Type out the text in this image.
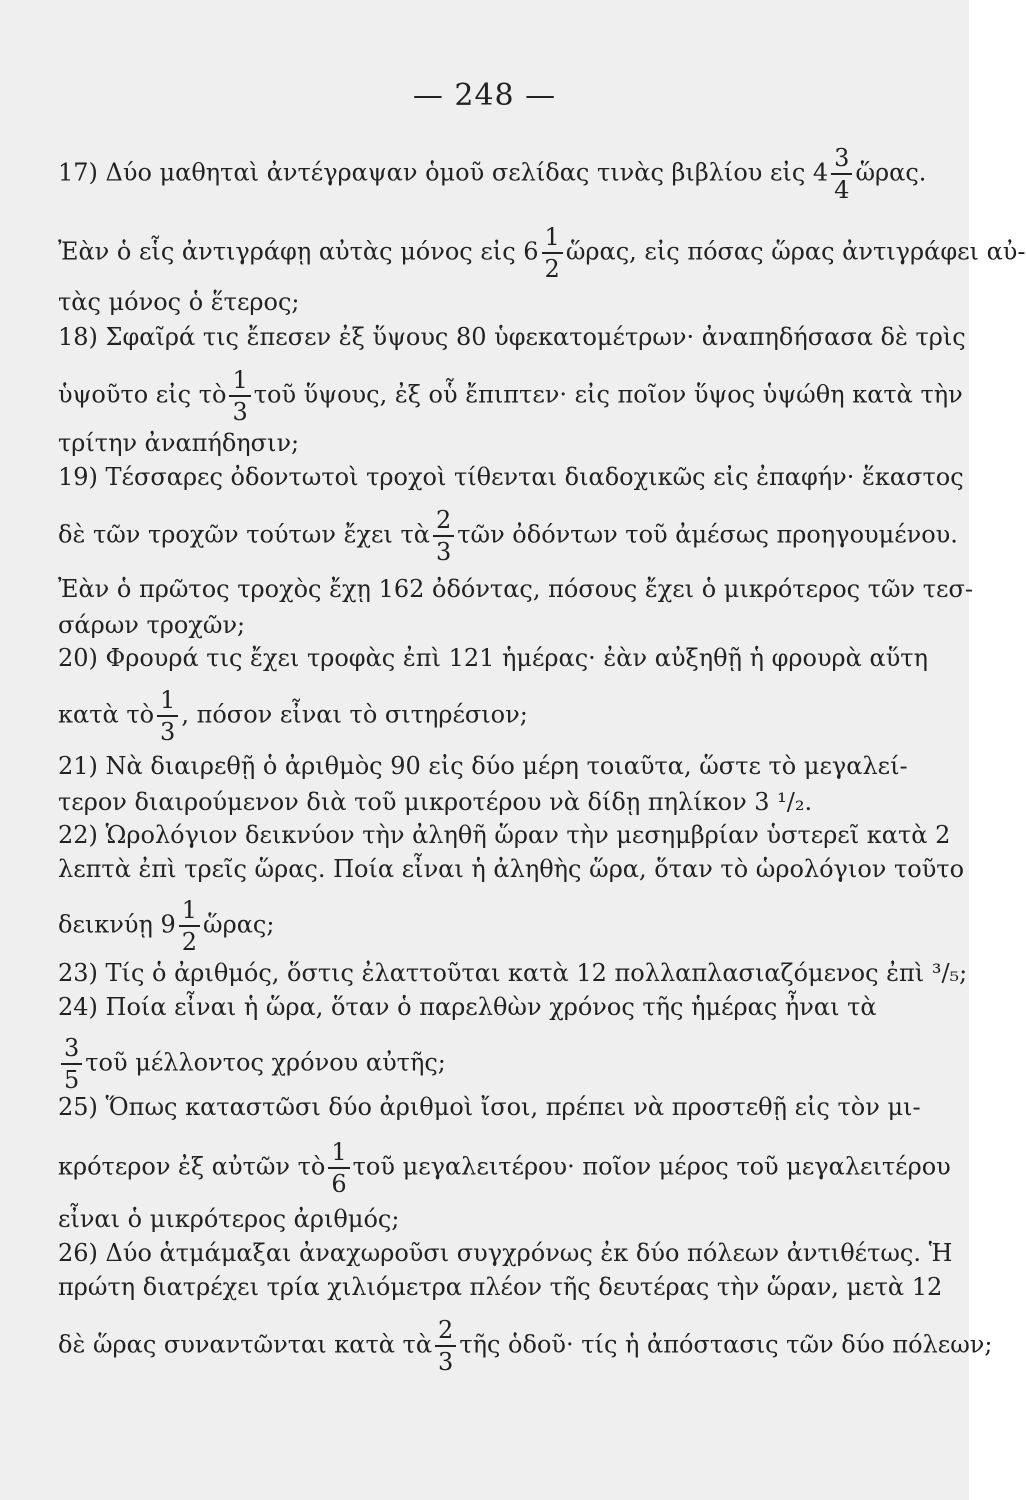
— 248 —
17) Δύο μαθηταὶ ἀντέγραψαν ὁμοῦ σελίδας τινὰς βιβλίου εἰς $4 \frac{3}{4}$ ὥρας.
Ἐὰν ὁ εἷς ἀντιγράφῃ αὐτὰς μόνος εἰς $6 \frac{1}{2}$ ὥρας, εἰς πόσας ὥρας ἀντιγράφει αὐ-
τὰς μόνος ὁ ἕτερος;
18) Σφαῖρά τις ἔπεσεν ἐξ ὕψους 80 ὑφεκατομέτρων· ἀναπηδήσασα δὲ τρὶς
ὑψοῦτο εἰς τὸ $\frac{1}{3}$ τοῦ ὕψους, ἐξ οὗ ἔπιπτεν· εἰς ποῖον ὕψος ὑψώθη κατὰ τὴν
τρίτην ἀναπήδησιν;
19) Τέσσαρες ὀδοντωτοὶ τροχοὶ τίθενται διαδοχικῶς εἰς ἐπαφήν· ἕκαστος
δὲ τῶν τροχῶν τούτων ἔχει τὰ $\frac{2}{3}$ τῶν ὀδόντων τοῦ ἀμέσως προηγουμένου.
Ἐὰν ὁ πρῶτος τροχὸς ἔχῃ 162 ὀδόντας, πόσους ἔχει ὁ μικρότερος τῶν τεσ-
σάρων τροχῶν;
20) Φρουρά τις ἔχει τροφὰς ἐπὶ 121 ἡμέρας· ἐὰν αὐξηθῇ ἡ φρουρὰ αὕτη
κατὰ τὸ $\frac{1}{3}$ , πόσον εἶναι τὸ σιτηρέσιον;
21) Νὰ διαιρεθῇ ὁ ἀριθμὸς 90 εἰς δύο μέρη τοιαῦτα, ὥστε τὸ μεγαλεί-
τερον διαιρούμενον διὰ τοῦ μικροτέρου νὰ δίδῃ πηλίκον 3 ¹/₂.
22) Ὡρολόγιον δεικνύον τὴν ἀληθῆ ὥραν τὴν μεσημβρίαν ὑστερεῖ κατὰ 2
λεπτὰ ἐπὶ τρεῖς ὥρας. Ποία εἶναι ἡ ἀληθὴς ὥρα, ὅταν τὸ ὡρολόγιον τοῦτο
δεικνύῃ $9 \frac{1}{2}$ ὥρας;
23) Τίς ὁ ἀριθμός, ὅστις ἐλαττοῦται κατὰ 12 πολλαπλασιαζόμενος ἐπὶ ³/₅;
24) Ποία εἶναι ἡ ὥρα, ὅταν ὁ παρελθὼν χρόνος τῆς ἡμέρας ἦναι τὰ
$\frac{3}{5}$ τοῦ μέλλοντος χρόνου αὐτῆς;
25) Ὅπως καταστῶσι δύο ἀριθμοὶ ἴσοι, πρέπει νὰ προστεθῇ εἰς τὸν μι-
κρότερον ἐξ αὐτῶν τὸ $\frac{1}{6}$ τοῦ μεγαλειτέρου· ποῖον μέρος τοῦ μεγαλειτέρου
εἶναι ὁ μικρότερος ἀριθμός;
26) Δύο ἁτμάμαξαι ἀναχωροῦσι συγχρόνως ἐκ δύο πόλεων ἀντιθέτως. Ἡ
πρώτη διατρέχει τρία χιλιόμετρα πλέον τῆς δευτέρας τὴν ὥραν, μετὰ 12
δὲ ὥρας συναντῶνται κατὰ τὰ $\frac{2}{3}$ τῆς ὁδοῦ· τίς ἡ ἀπόστασις τῶν δύο πόλεων;
